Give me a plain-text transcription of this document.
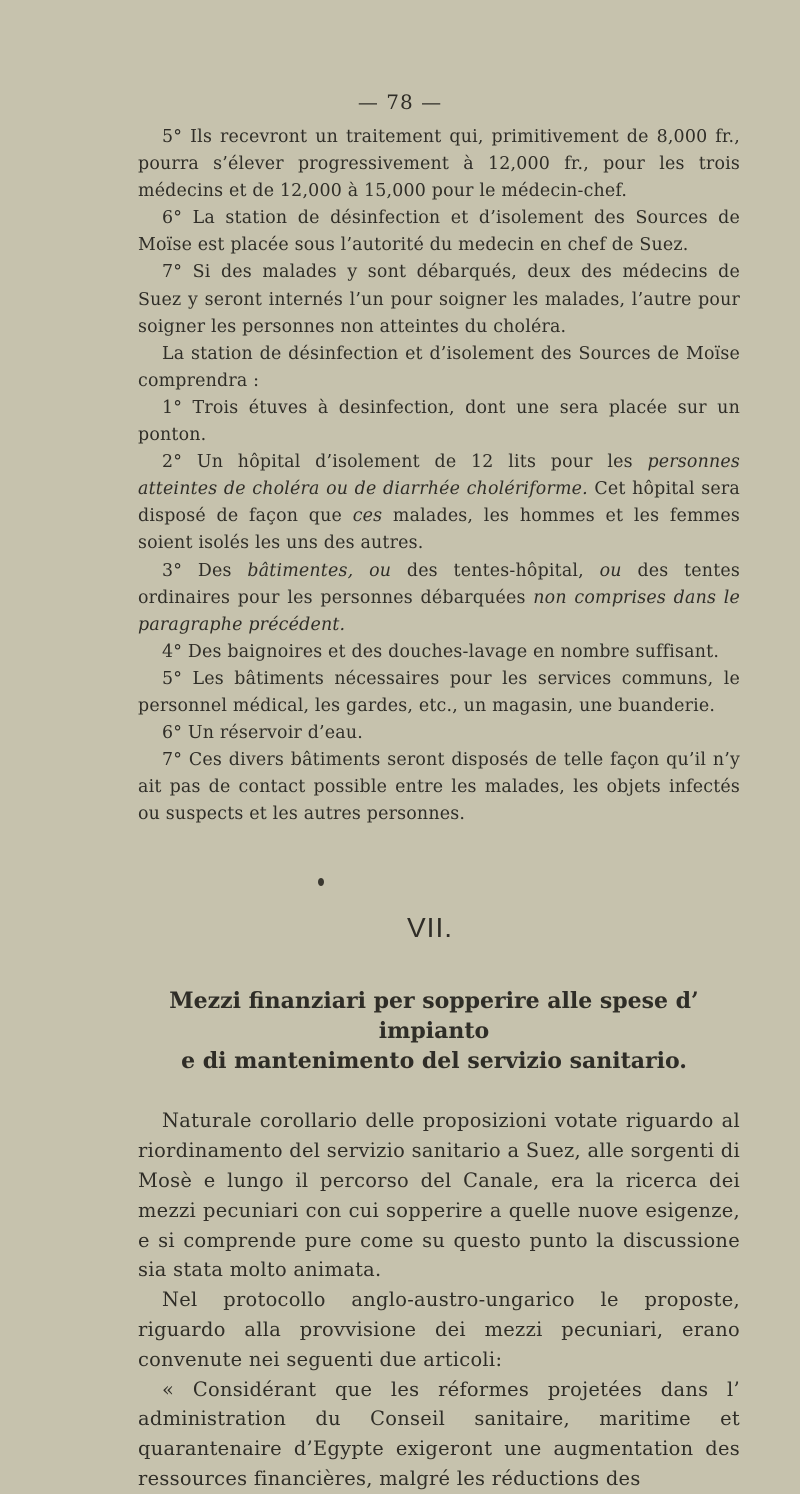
— 78 —

5° Ils recevront un traitement qui, primitivement de 8,000 fr., pourra s’élever progressivement à 12,000 fr., pour les trois médecins et de 12,000 à 15,000 pour le médecin-chef.

6° La station de désinfection et d’isolement des Sources de Moïse est placée sous l’autorité du medecin en chef de Suez.

7° Si des malades y sont débarqués, deux des médecins de Suez y seront internés l’un pour soigner les malades, l’autre pour soigner les personnes non atteintes du choléra.

La station de désinfection et d’isolement des Sources de Moïse comprendra :

1° Trois étuves à desinfection, dont une sera placée sur un ponton.

2° Un hôpital d’isolement de 12 lits pour les personnes atteintes de choléra ou de diarrhée cholériforme. Cet hôpital sera disposé de façon que ces malades, les hommes et les femmes soient isolés les uns des autres.

3° Des bâtimentes, ou des tentes-hôpital, ou des tentes ordinaires pour les personnes débarquées non comprises dans le paragraphe précédent.

4° Des baignoires et des douches-lavage en nombre suffisant.

5° Les bâtiments nécessaires pour les services communs, le personnel médical, les gardes, etc., un magasin, une buanderie.

6° Un réservoir d’eau.

7° Ces divers bâtiments seront disposés de telle façon qu’il n’y ait pas de contact possible entre les malades, les objets infectés ou suspects et les autres personnes.

VII.
Mezzi finanziari per sopperire alle spese d’ impianto
e di mantenimento del servizio sanitario.

Naturale corollario delle proposizioni votate riguardo al riordinamento del servizio sanitario a Suez, alle sorgenti di Mosè e lungo il percorso del Canale, era la ricerca dei mezzi pecuniari con cui sopperire a quelle nuove esigenze, e si comprende pure come su questo punto la discussione sia stata molto animata.

Nel protocollo anglo-austro-ungarico le proposte, riguardo alla provvisione dei mezzi pecuniari, erano convenute nei seguenti due articoli:

« Considérant que les réformes projetées dans l’ administration du Conseil sanitaire, maritime et quarantenaire d’Egypte exigeront une augmentation des ressources financières, malgré les réductions des
